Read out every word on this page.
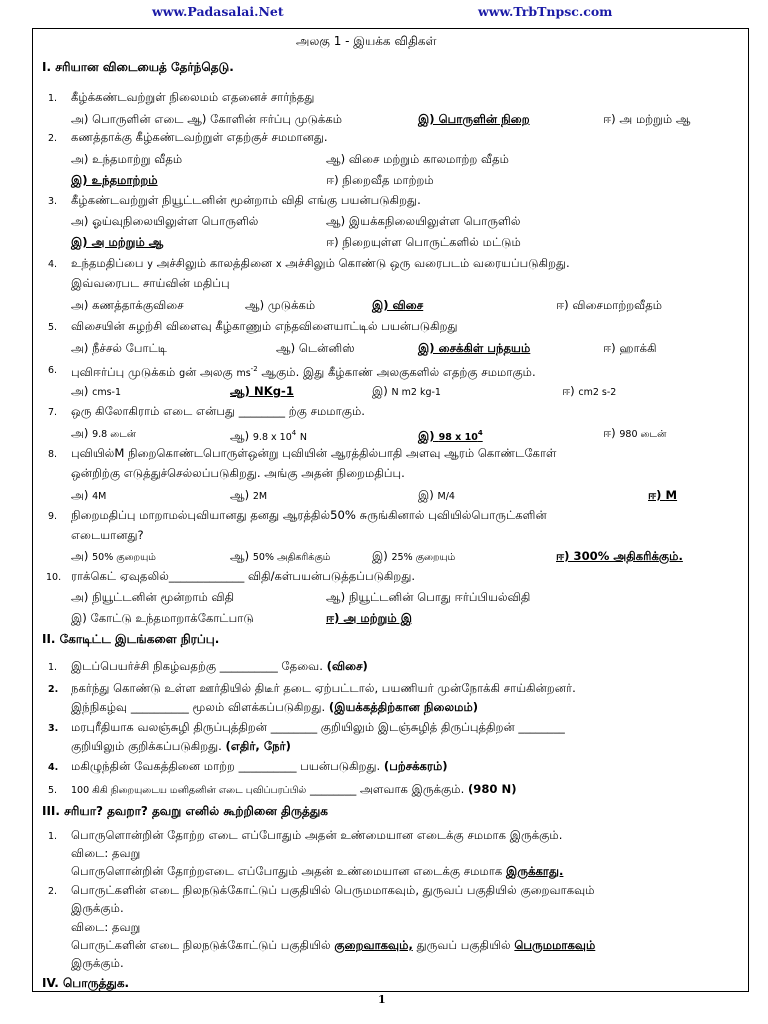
www.Padasalai.Net	www.TrbTnpsc.com
அலகு 1 - இயக்க விதிகள்
I. சரியான விடையைத் தேர்ந்தெடு.
1. கீழ்க்கண்டவற்றுள் நிலைமம் எதனைச் சார்ந்தது
அ) பொருளின் எடை ஆ) கோளின் ஈர்ப்பு முடுக்கம்	இ) பொருளின் நிறை	ஈ) அ மற்றும் ஆ
2. கணத்தாக்கு கீழ்கண்டவற்றுள் எதற்குச் சமமானது.
அ) உந்தமாற்று வீதம்	ஆ) விசை மற்றும் காலமாற்ற வீதம்
இ) உந்தமாற்றம்	ஈ) நிறைவீத மாற்றம்
3. கீழ்கண்டவற்றுள் நியூட்டனின் மூன்றாம் விதி எங்கு பயன்படுகிறது.
அ) ஓய்வுநிலையிலுள்ள பொருளில்	ஆ) இயக்கநிலையிலுள்ள பொருளில்
இ) அ மற்றும் ஆ	ஈ) நிறையுள்ள பொருட்களில் மட்டும்
4. உந்தமதிப்பை y அச்சிலும் காலத்தினை x அச்சிலும் கொண்டு ஒரு வரைபடம் வரையப்படுகிறது.
இவ்வரைபட சாய்வின் மதிப்பு
அ) கணத்தாக்குவிசை	ஆ) முடுக்கம்	இ) விசை	ஈ) விசைமாற்றவீதம்
5. விசையின் சுழற்சி விளைவு கீழ்காணும் எந்தவிளையாட்டில் பயன்படுகிறது
அ) நீச்சல் போட்டி	ஆ) டென்னிஸ்	இ) சைக்கிள் பந்தயம்	ஈ) ஹாக்கி
6. புவிஈர்ப்பு முடுக்கம் gன் அலகு $ms^{-2}$ ஆகும். இது கீழ்காண் அலகுகளில் எதற்கு சமமாகும்.
அ) cms-1	ஆ) NKg-1	இ) N m2 kg-1	ஈ) cm2 s-2
7. ஒரு கிலோகிராம் எடை என்பது ________ ற்கு சமமாகும்.
அ) 9.8 டைன்	ஆ) 9.8 x $10^4$ N	இ) 98 x $10^4$	ஈ) 980 டைன்
8. புவியில்M நிறைகொண்டபொருள்ஒன்று புவியின் ஆரத்தில்பாதி அளவு ஆரம் கொண்டகோள்
ஒன்றிற்கு எடுத்துச்செல்லப்படுகிறது. அங்கு அதன் நிறைமதிப்பு.
அ) 4M	ஆ) 2M	இ) M/4	ஈ) M
9. நிறைமதிப்பு மாறாமல்புவியானது தனது ஆரத்தில்50% சுருங்கினால் புவியில்பொருட்களின்
எடையானது?
அ) 50% குறையும்	ஆ) 50% அதிகரிக்கும்	இ) 25% குறையும்	ஈ) 300% அதிகரிக்கும்.
10. ராக்கெட் ஏவுதலில்_____________ விதி/கள்பயன்படுத்தப்படுகிறது.
அ) நியூட்டனின் மூன்றாம் விதி	ஆ) நியூட்டனின் பொது ஈர்ப்பியல்விதி
இ) கோட்டு உந்தமாறாக்கோட்பாடு	ஈ) அ மற்றும் இ
II. கோடிட்ட இடங்களை நிரப்பு.
1. இடப்பெயர்ச்சி நிகழ்வதற்கு __________ தேவை. (விசை)
2. நகர்ந்து கொண்டு உள்ள ஊர்தியில் திடீர் தடை ஏற்பட்டால், பயணியர் முன்நோக்கி சாய்கின்றனர்.
இந்நிகழ்வு __________ மூலம் விளக்கப்படுகிறது. (இயக்கத்திற்கான நிலைமம்)
3. மரபுரீதியாக வலஞ்சுழி திருப்புத்திறன் ________ குறியிலும் இடஞ்சுழித் திருப்புத்திறன் ________
குறியிலும் குறிக்கப்படுகிறது. (எதிர், நேர்)
4. மகிழுந்தின் வேகத்தினை மாற்ற __________ பயன்படுகிறது. (பற்சக்கரம்)
5. 100 கிகி நிறையுடைய மனிதனின் எடை புவிப்பரப்பில் ________ அளவாக இருக்கும். (980 N)
III. சரியா? தவறா? தவறு எனில் கூற்றினை திருத்துக
1. பொருளொன்றின் தோற்ற எடை எப்போதும் அதன் உண்மையான எடைக்கு சமமாக இருக்கும்.
விடை: தவறு
பொருளொன்றின் தோற்றஎடை எப்போதும் அதன் உண்மையான எடைக்கு சமமாக இருக்காது.
2. பொருட்களின் எடை நிலநடுக்கோட்டுப் பகுதியில் பெருமமாகவும், துருவப் பகுதியில் குறைவாகவும்
இருக்கும்.
விடை: தவறு
பொருட்களின் எடை நிலநடுக்கோட்டுப் பகுதியில் குறைவாகவும், துருவப் பகுதியில் பெருமமாகவும்
இருக்கும்.
IV. பொருத்துக.
1
